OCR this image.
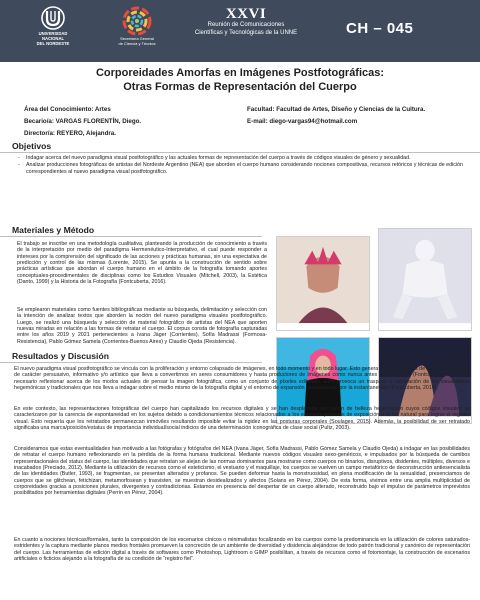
UNIVERSIDAD
NACIONAL
DEL NORDESTE
Secretaría General
de Ciencia y Técnica
XXVI
Reunión de Comunicaciones
Científicas y Tecnológicas de la UNNE	CH – 045
Corporeidades Amorfas en Imágenes Postfotográficas:
Otras Formas de Representación del Cuerpo
Área del Conocimiento: Artes
Becario/a: VARGAS FLORENTÍN, Diego.
Director/a: REYERO, Alejandra.
Facultad: Facultad de Artes, Diseño y Ciencias de la Cultura.
E-mail: diego-vargas94@hotmail.com
Objetivos
- Indagar acerca del nuevo paradigma visual postfotográfico y las actuales formas de representación del cuerpo a través de códigos visuales de género y sexualidad.
- Analizar producciones fotográficas de artistas del Nordeste Argentino (NEA) que aborden el cuerpo humano considerando nociones compositivas, recursos retóricos y técnicas de edición correspondientes al nuevo paradigma visual postfotográfico.
Materiales y Método
El trabajo se inscribe en una metodología cualitativa, planteando la producción de conocimiento a través de la interpretación por medio del paradigma Hermenéutico-Interpretativo, el cual puede responder a intereses por la comprensión del significado de las acciones y prácticas humanas, sin una expectativa de predicción y control de las mismas (Lorente, 2015). Se apunta a la construcción de sentido sobre prácticas artísticas que abordan el cuerpo humano en el ámbito de la fotografía tomando aportes conceptuales-procedimentales de disciplinas como los Estudios Visuales (Mitchell, 2003), la Estética (Danto, 1999) y la Historia de la Fotografía (Fontcuberta, 2016).
Se emplearon materiales como fuentes bibliográficas mediante su búsqueda, delimitación y selección con la intención de analizar textos que aborden la noción del nuevo paradigma visuales postfotográfico. Luego, se realizó una búsqueda y selección de material fotográfico de artistas del NEA que aporten nuevas miradas en relación a las formas de retratar el cuerpo. El corpus consta de fotografía capturadas entre los años 2019 y 2021 pertenecientes a Ivana Jäger (Corrientes), Sofía Madrassi (Formosa-Resistencia), Pablo Gómez Samela (Corrientes-Buenos Aires) y Claudio Ojeda (Resistencia).
Resultados y Discusión
El nuevo paradigma visual postfotográfico se vincula con la proliferación y entorno colapsado de imágenes, en todo momento y en todo lugar. Esto genera una abundancia de estímulos visuales de carácter persuasivo, informativo y/o artístico que lleva a convertirnos en seres consumidores y hasta productores de imágenes como nunca antes en la historia (Fontcuberta, 2016). Es necesario reflexionar acerca de los modos actuales de pensar la imagen fotográfica, como un conjunto de píxeles editables. Esto provoca un traspaso o superación de las visualidades hegemónicas y tradicionales que nos lleva a indagar sobre el medio mismo de la fotografía digital y el entorno de expansión caracterizado por la instantaneidad (Fontcuberta, 2016).
En este contexto, las representaciones fotográficas del cuerpo han capitalizado los recursos digitales y se han desplazado del canon de belleza hegemónico cuyos códigos visuales se caracterizaron por la carencia de espontaneidad en los sujetos debido a condicionamientos técnicos relacionados a los extensos períodos de exposición a la luz natural para lograr el registro visual. Esto requería que los retratados permanezcan inmóviles resultando imposible evitar la rigidez en las posturas corporales (Soulages, 2015). Además, la posibilidad de ser retratado significaba una marca/posición/estatus de importancia individual/social indicios de una determinación iconográfica de clase social (Pultz, 2003).
Consideramos que estas eventualidades han motivado a las fotógrafas y fotógrafos del NEA (Ivana Jäger, Sofía Madrassi, Pablo Gómez Samela y Claudio Ojeda) a indagar en las posibilidades de retratar el cuerpo humano reflexionando en la pérdida de la forma humana tradicional. Mediante nuevos códigos visuales sexo-genéricos, e impulsados por la búsqueda de camibos representacionales del status del cuerpo, las identidades que retratan se alejan de las normas dominantes para mostrarse como cuerpos no binarios, disruptivos, disidentes, múltiples, diversos e inacabados (Preciado, 2012). Mediante la utilización de recursos como el esteticismo, el vestuario y el maquillaje, los cuerpos se vuelven un campo metafórico de deconstrucción antiesencialista de las identidades (Butler, 1993), se fragmentan, se presentan alterados y profanos. Se pueden deformar hasta la monstruosidad, en plena modificación de la sexualidad, presenciamos de cuerpos que se glitchean, fetichizan, metamorfosean y trasvisten, se muestran desidealizados y afectos (Solans en Pérez, 2004). De esta forma, vivimos entre una amplia multiplicidad de corporeidades gracias a posiciones plurales, divergentes y contradictorias. Estamos en presencia del despertar de un cuerpo alterado, reconstruido bajo el impulso de parámetros imprevistos posibilitados por herramientas digitales (Perrin en Pérez, 2004).
En cuanto a nociones técnicas/formales, tanto la composición de los escenarios cínicos o minimalistas focalizando en los cuerpos como la predominancia en la utilización de colores saturados-estridentes y la captura mediante planos medios frontales promueven la concreción de un ambiente de diversidad y disidencia alejándose de todo patrón tradicional y canónico de representación del cuerpo. Las herramientas de edición digital a través de softwares como Photoshop, Lightroom o GIMP posibilitan, a través de recursos como el fotomontaje, la construcción de escenarios artificiales o ficticios alejando a la fotografía de su condición de “registro fiel”.
